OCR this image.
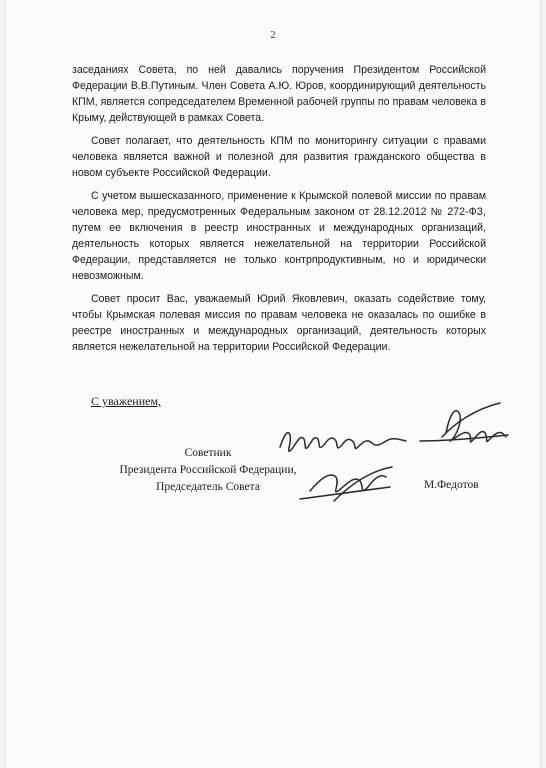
2

заседаниях Совета, по ней давались поручения Президентом Российской Федерации В.В.Путиным. Член Совета А.Ю. Юров, координирующий деятельность КПМ, является сопредседателем Временной рабочей группы по правам человека в Крыму, действующей в рамках Совета.

Совет полагает, что деятельность КПМ по мониторингу ситуации с правами человека является важной и полезной для развития гражданского общества в новом субъекте Российской Федерации.

С учетом вышесказанного, применение к Крымской полевой миссии по правам человека мер, предусмотренных Федеральным законом от 28.12.2012 № 272-ФЗ, путем ее включения в реестр иностранных и международных организаций, деятельность которых является нежелательной на территории Российской Федерации, представляется не только контрпродуктивным, но и юридически невозможным.

Совет просит Вас, уважаемый Юрий Яковлевич, оказать содействие тому, чтобы Крымская полевая миссия по правам человека не оказалась по ошибке в реестре иностранных и международных организаций, деятельность которых является нежелательной на территории Российской Федерации.

С уважением,
Советник
Президента Российской Федерации,
Председатель Совета	М.Федотов
